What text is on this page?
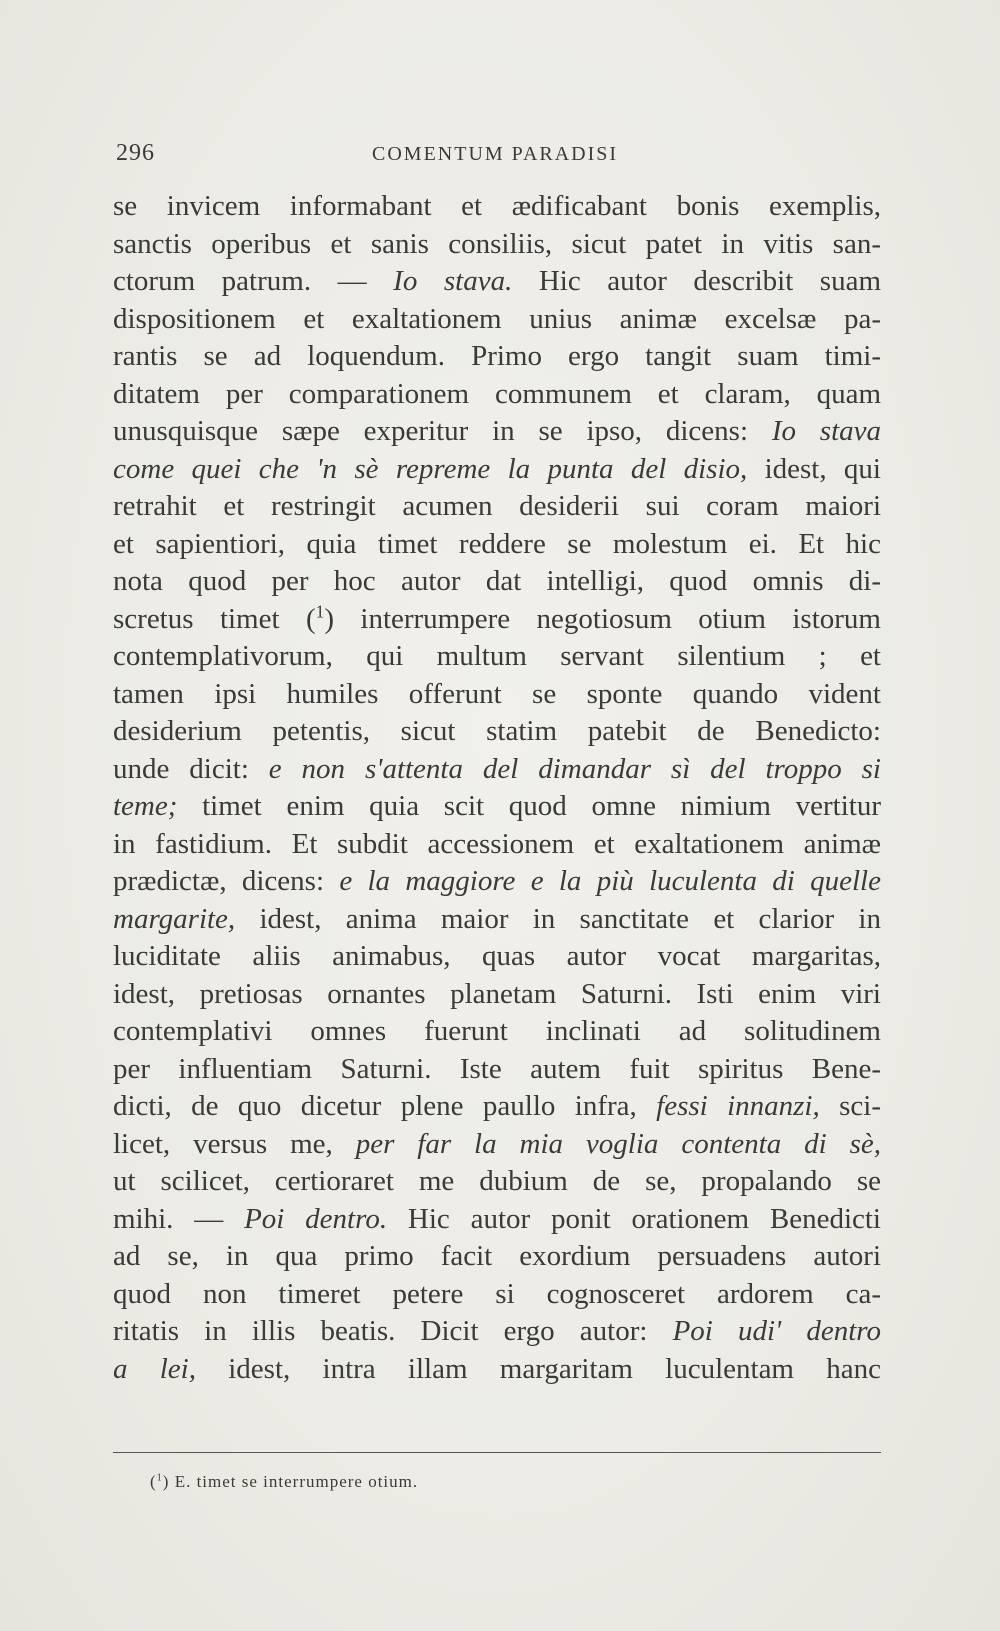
296	COMENTUM PARADISI
se invicem informabant et ædificabant bonis exemplis,
sanctis operibus et sanis consiliis, sicut patet in vitis san-
ctorum patrum. — Io stava. Hic autor describit suam
dispositionem et exaltationem unius animæ excelsæ pa-
rantis se ad loquendum. Primo ergo tangit suam timi-
ditatem per comparationem communem et claram, quam
unusquisque sæpe experitur in se ipso, dicens: Io stava
come quei che 'n sè repreme la punta del disio, idest, qui
retrahit et restringit acumen desiderii sui coram maiori
et sapientiori, quia timet reddere se molestum ei. Et hic
nota quod per hoc autor dat intelligi, quod omnis di-
scretus timet ($^1$) interrumpere negotiosum otium istorum
contemplativorum, qui multum servant silentium ; et
tamen ipsi humiles offerunt se sponte quando vident
desiderium petentis, sicut statim patebit de Benedicto:
unde dicit: e non s'attenta del dimandar sì del troppo si
teme; timet enim quia scit quod omne nimium vertitur
in fastidium. Et subdit accessionem et exaltationem animæ
prædictæ, dicens: e la maggiore e la più luculenta di quelle
margarite, idest, anima maior in sanctitate et clarior in
luciditate aliis animabus, quas autor vocat margaritas,
idest, pretiosas ornantes planetam Saturni. Isti enim viri
contemplativi omnes fuerunt inclinati ad solitudinem
per influentiam Saturni. Iste autem fuit spiritus Bene-
dicti, de quo dicetur plene paullo infra, fessi innanzi, sci-
licet, versus me, per far la mia voglia contenta di sè,
ut scilicet, certioraret me dubium de se, propalando se
mihi. — Poi dentro. Hic autor ponit orationem Benedicti
ad se, in qua primo facit exordium persuadens autori
quod non timeret petere si cognosceret ardorem ca-
ritatis in illis beatis. Dicit ergo autor: Poi udi' dentro
a lei, idest, intra illam margaritam luculentam hanc
($^1$) E. timet se interrumpere otium.
